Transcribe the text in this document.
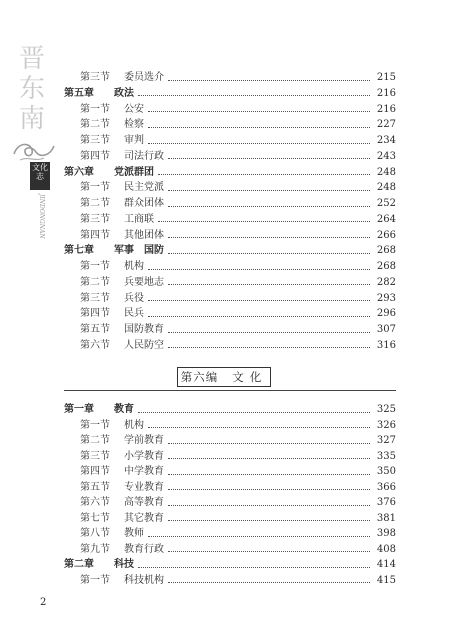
晋
东
南
文化志
JINDONGNAN
第三节	委员选介	215
第五章	政法	216
第一节	公安	216
第二节	检察	227
第三节	审判	234
第四节	司法行政	243
第六章	党派群团	248
第一节	民主党派	248
第二节	群众团体	252
第三节	工商联	264
第四节	其他团体	266
第七章	军事　国防	268
第一节	机构	268
第二节	兵要地志	282
第三节	兵役	293
第四节	民兵	296
第五节	国防教育	307
第六节	人民防空	316
第六编 文化
第一章	教育	325
第一节	机构	326
第二节	学前教育	327
第三节	小学教育	335
第四节	中学教育	350
第五节	专业教育	366
第六节	高等教育	376
第七节	其它教育	381
第八节	教师	398
第九节	教育行政	408
第二章	科技	414
第一节	科技机构	415
2
